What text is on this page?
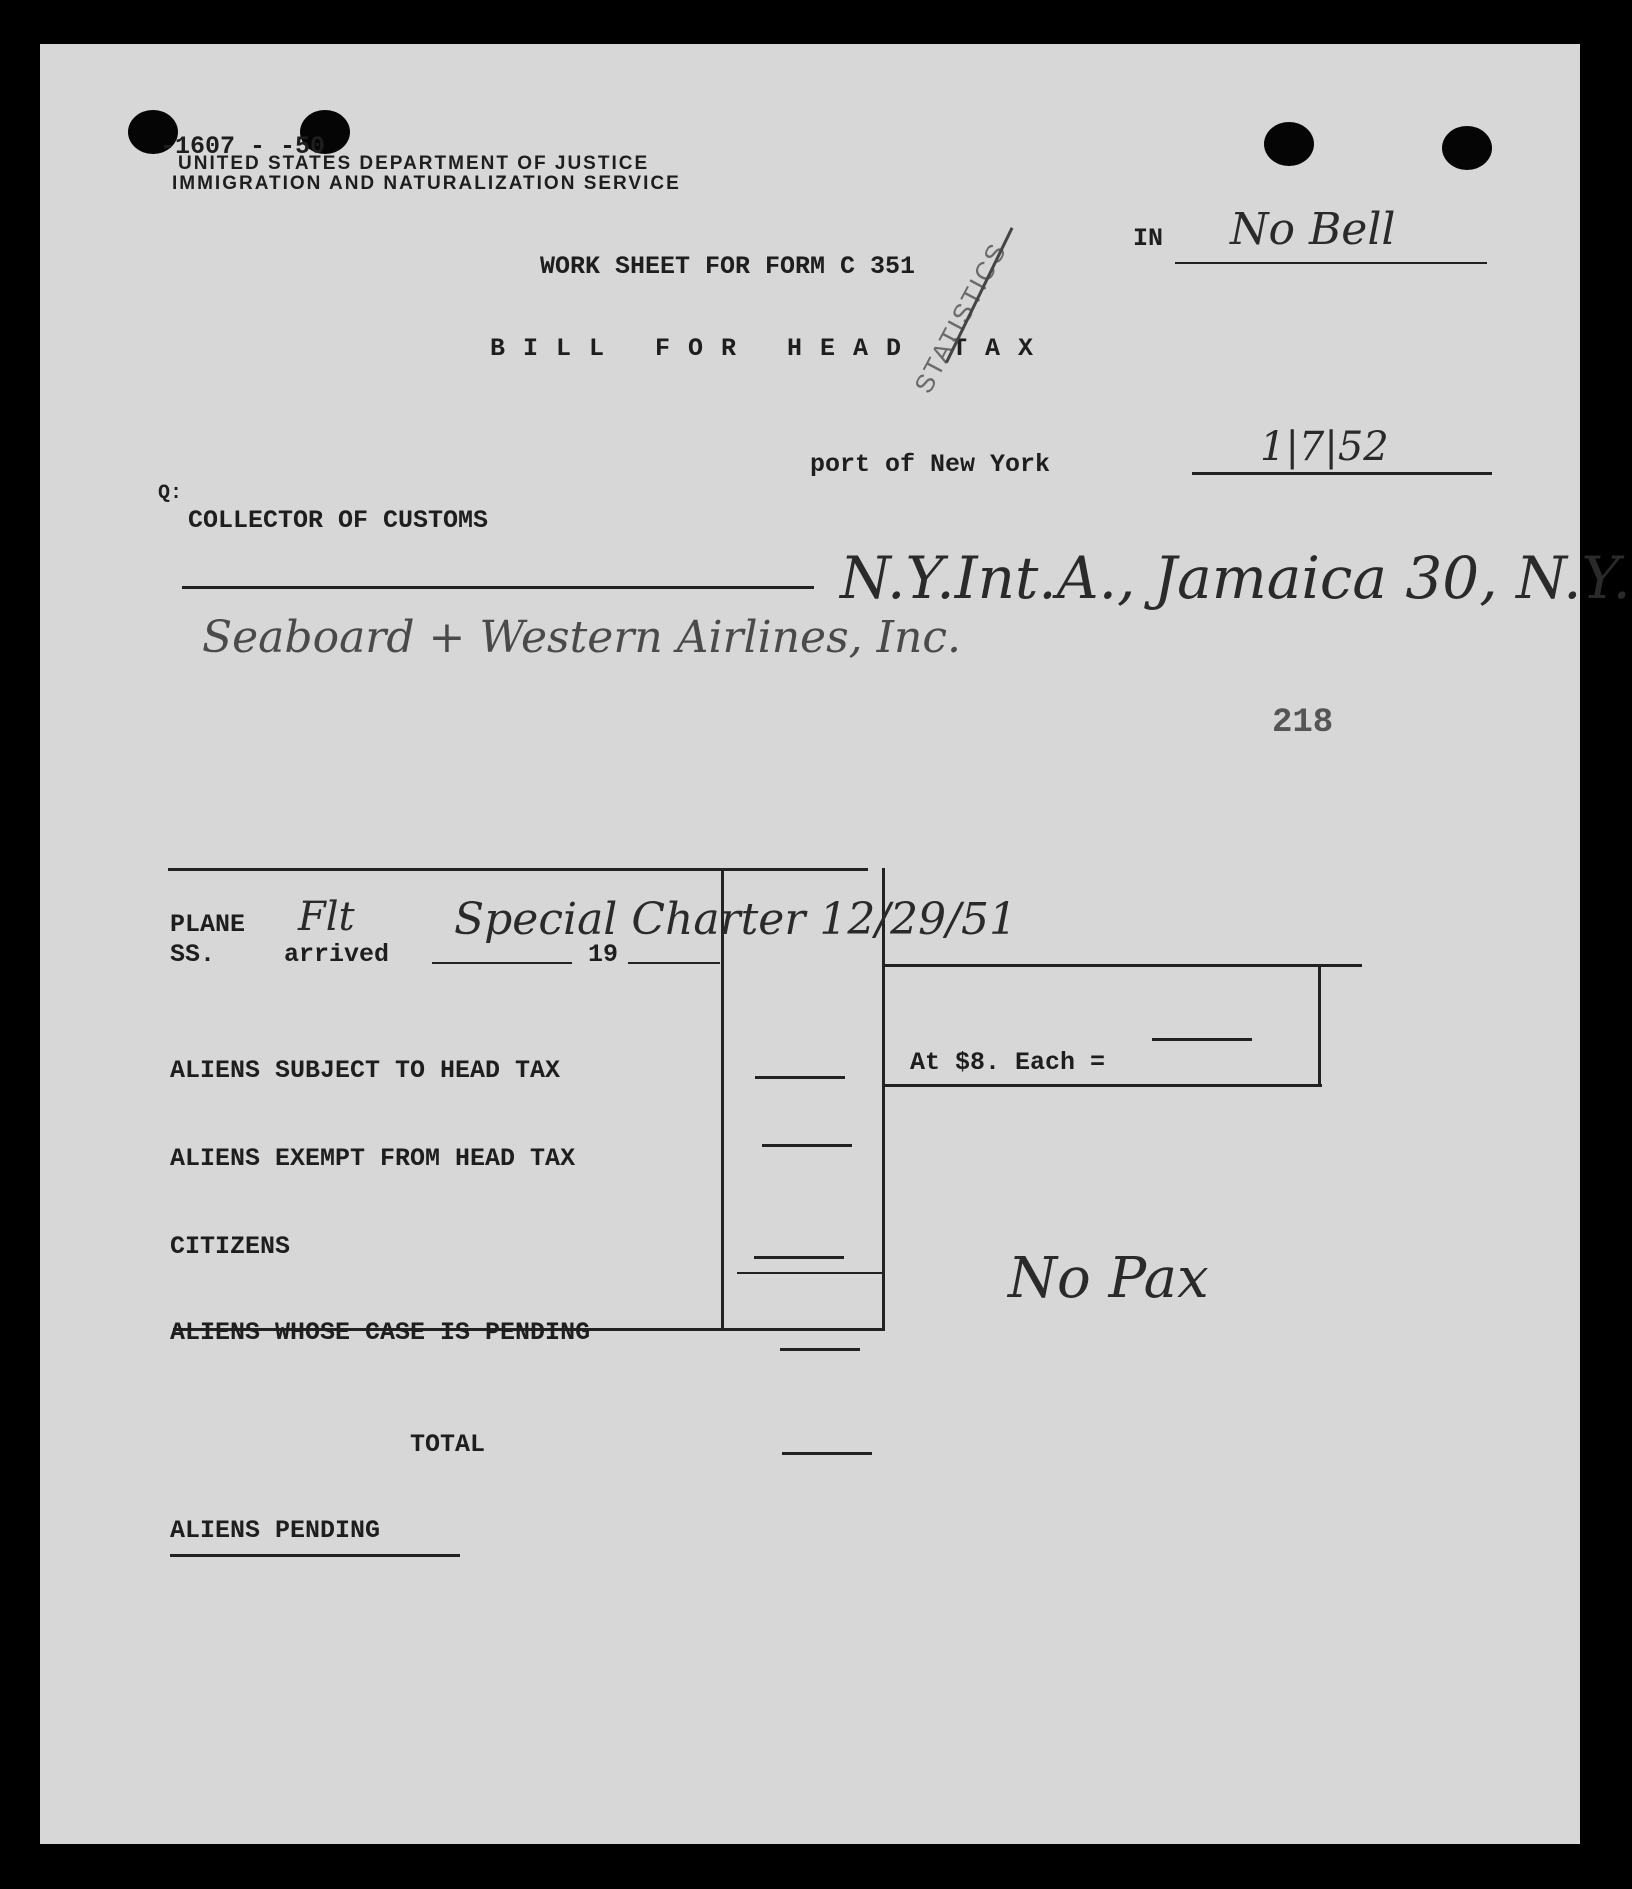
-1607 - -50
UNITED STATES DEPARTMENT OF JUSTICE
IMMIGRATION AND NATURALIZATION SERVICE
IN No Bell
WORK SHEET FOR FORM C 351
BILL FOR HEAD TAX
STATISTICS
port of New York	1|7|52
Q:
COLLECTOR OF CUSTOMS
N.Y.Int.A., Jamaica 30, N.Y.
Seaboard + Western Airlines, Inc.
218
PLANE
SS.	arrived	19
Flt Special Charter 12/29/51
ALIENS SUBJECT TO HEAD TAX
ALIENS EXEMPT FROM HEAD TAX
CITIZENS
ALIENS WHOSE CASE IS PENDING
TOTAL
At $8. Each =
No Pax
ALIENS PENDING
